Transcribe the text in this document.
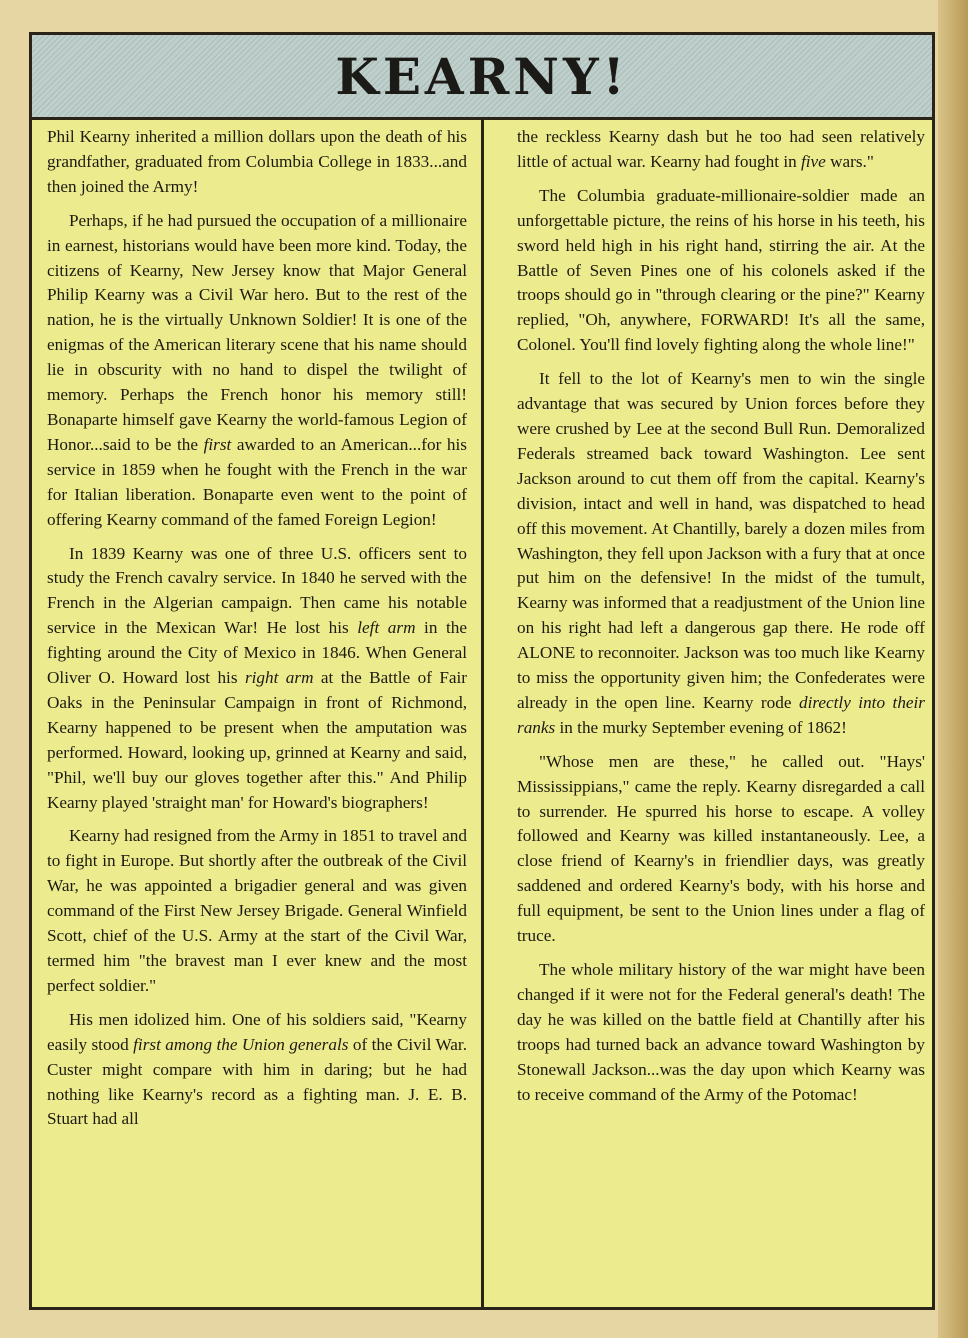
KEARNY!

Phil Kearny inherited a million dollars upon the death of his grandfather, graduated from Columbia College in 1833...and then joined the Army!

Perhaps, if he had pursued the occupation of a millionaire in earnest, historians would have been more kind. Today, the citizens of Kearny, New Jersey know that Major General Philip Kearny was a Civil War hero. But to the rest of the nation, he is the virtually Unknown Soldier! It is one of the enigmas of the American literary scene that his name should lie in obscurity with no hand to dispel the twilight of memory. Perhaps the French honor his memory still! Bonaparte himself gave Kearny the world-famous Legion of Honor...said to be the first awarded to an American...for his service in 1859 when he fought with the French in the war for Italian liberation. Bonaparte even went to the point of offering Kearny command of the famed Foreign Legion!

In 1839 Kearny was one of three U.S. officers sent to study the French cavalry service. In 1840 he served with the French in the Algerian campaign. Then came his notable service in the Mexican War! He lost his left arm in the fighting around the City of Mexico in 1846. When General Oliver O. Howard lost his right arm at the Battle of Fair Oaks in the Peninsular Campaign in front of Richmond, Kearny happened to be present when the amputation was performed. Howard, looking up, grinned at Kearny and said, "Phil, we'll buy our gloves together after this." And Philip Kearny played 'straight man' for Howard's biographers!

Kearny had resigned from the Army in 1851 to travel and to fight in Europe. But shortly after the outbreak of the Civil War, he was appointed a brigadier general and was given command of the First New Jersey Brigade. General Winfield Scott, chief of the U.S. Army at the start of the Civil War, termed him "the bravest man I ever knew and the most perfect soldier."

His men idolized him. One of his soldiers said, "Kearny easily stood first among the Union generals of the Civil War. Custer might compare with him in daring; but he had nothing like Kearny's record as a fighting man. J. E. B. Stuart had all

the reckless Kearny dash but he too had seen relatively little of actual war. Kearny had fought in five wars."

The Columbia graduate-millionaire-soldier made an unforgettable picture, the reins of his horse in his teeth, his sword held high in his right hand, stirring the air. At the Battle of Seven Pines one of his colonels asked if the troops should go in "through clearing or the pine?" Kearny replied, "Oh, anywhere, FORWARD! It's all the same, Colonel. You'll find lovely fighting along the whole line!"

It fell to the lot of Kearny's men to win the single advantage that was secured by Union forces before they were crushed by Lee at the second Bull Run. Demoralized Federals streamed back toward Washington. Lee sent Jackson around to cut them off from the capital. Kearny's division, intact and well in hand, was dispatched to head off this movement. At Chantilly, barely a dozen miles from Washington, they fell upon Jackson with a fury that at once put him on the defensive! In the midst of the tumult, Kearny was informed that a readjustment of the Union line on his right had left a dangerous gap there. He rode off ALONE to reconnoiter. Jackson was too much like Kearny to miss the opportunity given him; the Confederates were already in the open line. Kearny rode directly into their ranks in the murky September evening of 1862!

"Whose men are these," he called out. "Hays' Mississippians," came the reply. Kearny disregarded a call to surrender. He spurred his horse to escape. A volley followed and Kearny was killed instantaneously. Lee, a close friend of Kearny's in friendlier days, was greatly saddened and ordered Kearny's body, with his horse and full equipment, be sent to the Union lines under a flag of truce.

The whole military history of the war might have been changed if it were not for the Federal general's death! The day he was killed on the battle field at Chantilly after his troops had turned back an advance toward Washington by Stonewall Jackson...was the day upon which Kearny was to receive command of the Army of the Potomac!
